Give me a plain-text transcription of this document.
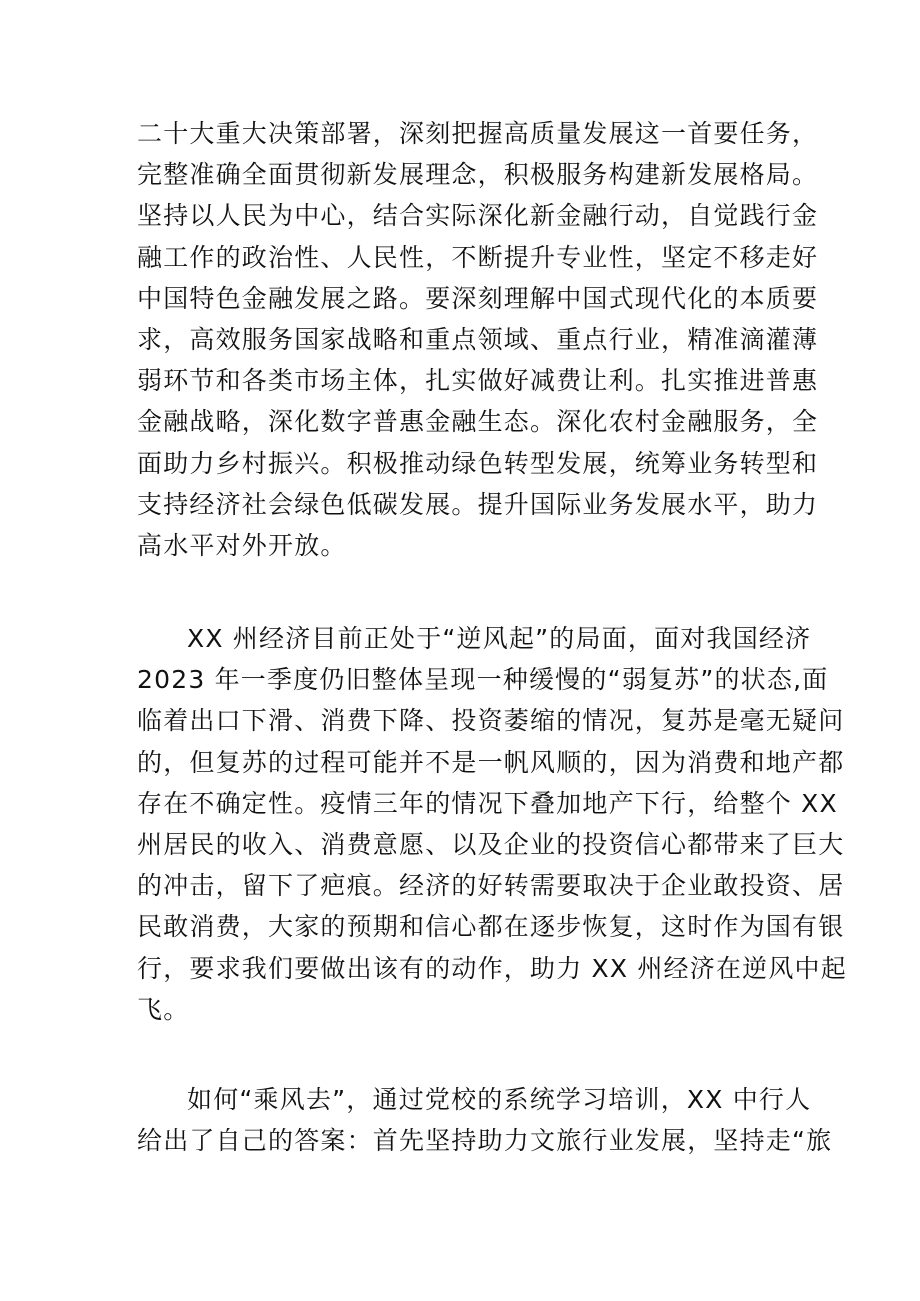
二十大重大决策部署，深刻把握高质量发展这一首要任务，
完整准确全面贯彻新发展理念，积极服务构建新发展格局。
坚持以人民为中心，结合实际深化新金融行动，自觉践行金
融工作的政治性、人民性，不断提升专业性，坚定不移走好
中国特色金融发展之路。要深刻理解中国式现代化的本质要
求，高效服务国家战略和重点领域、重点行业，精准滴灌薄
弱环节和各类市场主体，扎实做好减费让利。扎实推进普惠
金融战略，深化数字普惠金融生态。深化农村金融服务，全
面助力乡村振兴。积极推动绿色转型发展，统筹业务转型和
支持经济社会绿色低碳发展。提升国际业务发展水平，助力
高水平对外开放。
XX 州经济目前正处于“逆风起”的局面，面对我国经济
2023 年一季度仍旧整体呈现一种缓慢的“弱复苏”的状态,面
临着出口下滑、消费下降、投资萎缩的情况，复苏是毫无疑问
的，但复苏的过程可能并不是一帆风顺的，因为消费和地产都
存在不确定性。疫情三年的情况下叠加地产下行，给整个 XX
州居民的收入、消费意愿、以及企业的投资信心都带来了巨大
的冲击，留下了疤痕。经济的好转需要取决于企业敢投资、居
民敢消费，大家的预期和信心都在逐步恢复，这时作为国有银
行，要求我们要做出该有的动作，助力 XX 州经济在逆风中起
飞。
如何“乘风去”，通过党校的系统学习培训，XX 中行人
给出了自己的答案：首先坚持助力文旅行业发展，坚持走“旅
